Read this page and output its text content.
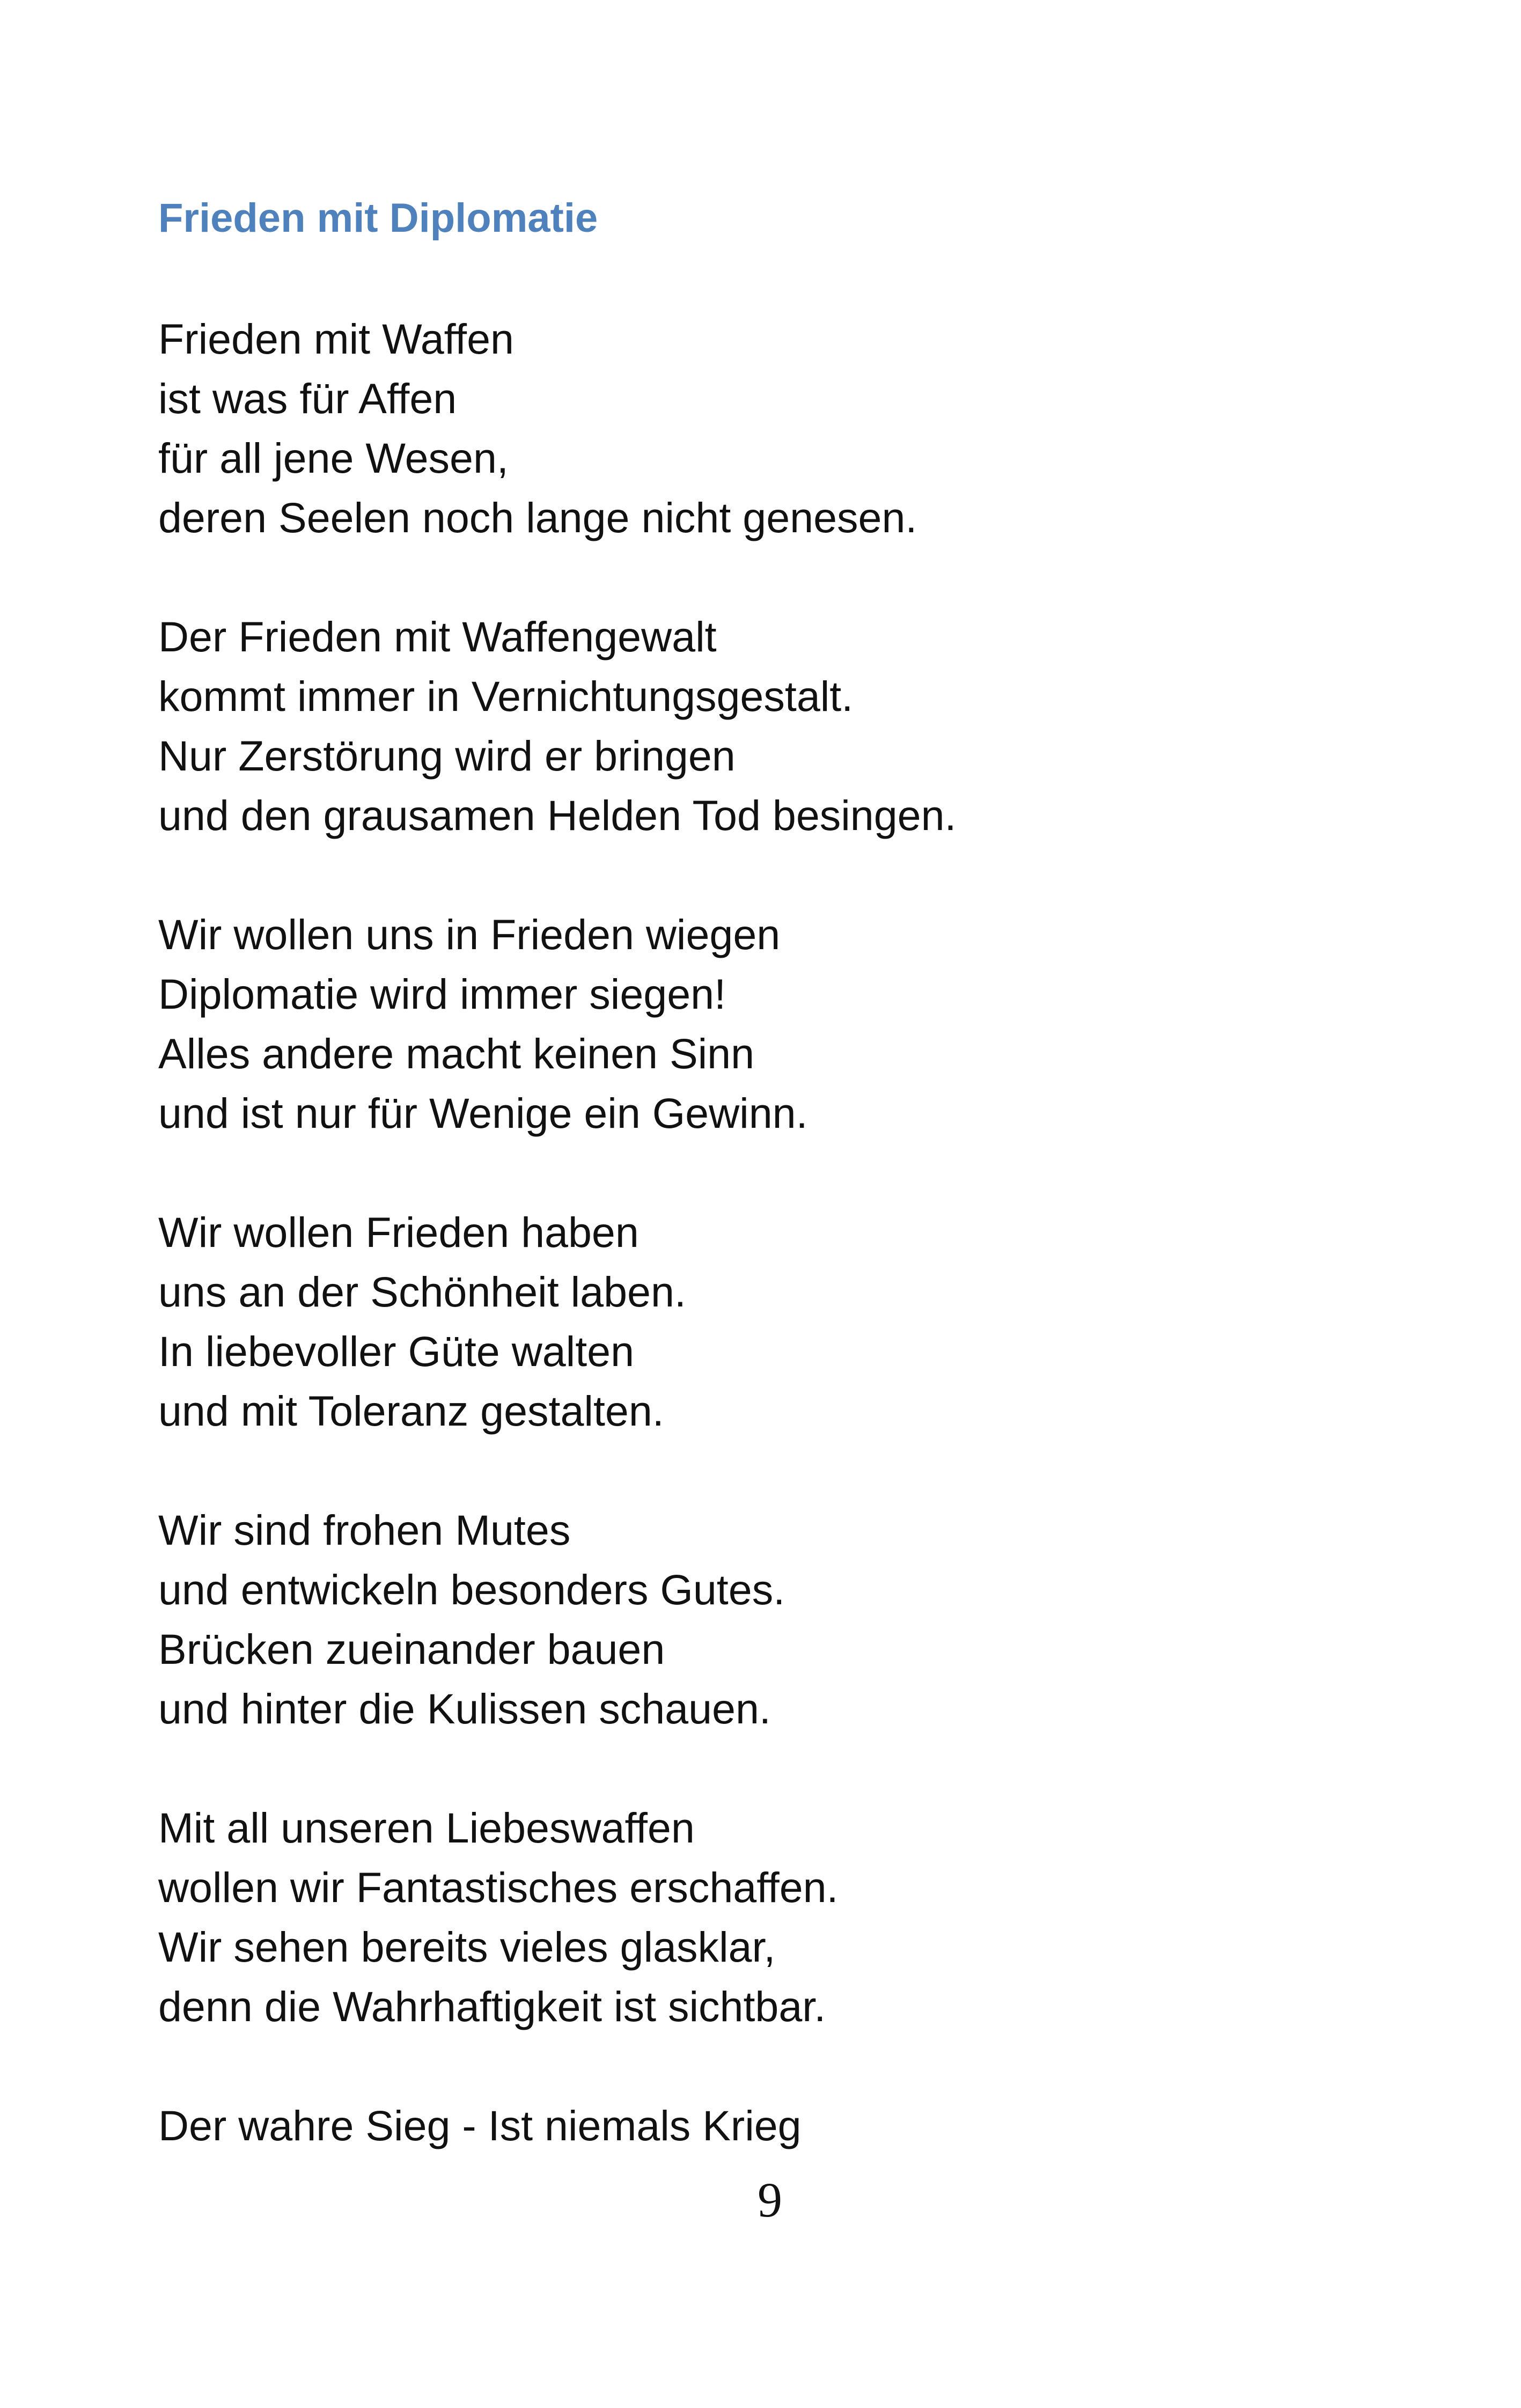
Frieden mit Diplomatie
Frieden mit Waffen
ist was für Affen
für all jene Wesen,
deren Seelen noch lange nicht genesen.
Der Frieden mit Waffengewalt
kommt immer in Vernichtungsgestalt.
Nur Zerstörung wird er bringen
und den grausamen Helden Tod besingen.
Wir wollen uns in Frieden wiegen
Diplomatie wird immer siegen!
Alles andere macht keinen Sinn
und ist nur für Wenige ein Gewinn.
Wir wollen Frieden haben
uns an der Schönheit laben.
In liebevoller Güte walten
und mit Toleranz gestalten.
Wir sind frohen Mutes
und entwickeln besonders Gutes.
Brücken zueinander bauen
und hinter die Kulissen schauen.
Mit all unseren Liebeswaffen
wollen wir Fantastisches erschaffen.
Wir sehen bereits vieles glasklar,
denn die Wahrhaftigkeit ist sichtbar.
Der wahre Sieg - Ist niemals Krieg
9
